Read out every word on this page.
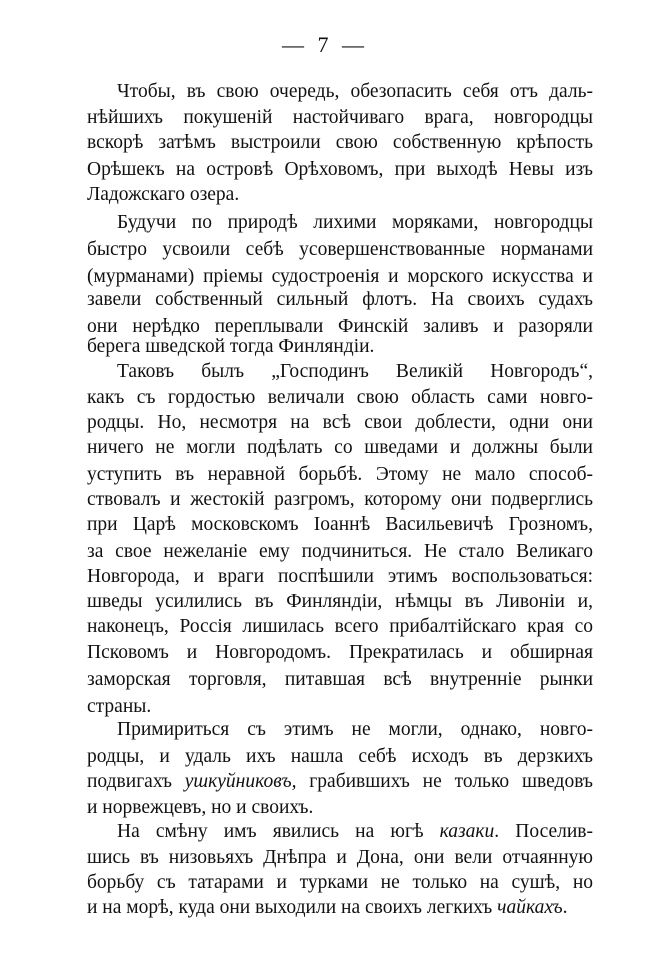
— 7 —
Чтобы, въ свою очередь, обезопасить себя отъ даль-
нѣйшихъ покушеній настойчиваго врага, новгородцы
вскорѣ затѣмъ выстроили свою собственную крѣпость
Орѣшекъ на островѣ Орѣховомъ, при выходѣ Невы изъ
Ладожскаго озера.
Будучи по природѣ лихими моряками, новгородцы
быстро усвоили себѣ усовершенствованные норманами
(мурманами) пріемы судостроенія и морского искусства и
завели собственный сильный флотъ. На своихъ судахъ
они нерѣдко переплывали Финскій заливъ и разоряли
берега шведской тогда Финляндіи.
Таковъ былъ „Господинъ Великій Новгородъ“,
какъ съ гордостью величали свою область сами новго-
родцы. Но, несмотря на всѣ свои доблести, одни они
ничего не могли подѣлать со шведами и должны были
уступить въ неравной борьбѣ. Этому не мало способ-
ствовалъ и жестокій разгромъ, которому они подверглись
при Царѣ московскомъ Іоаннѣ Васильевичѣ Грозномъ,
за свое нежеланіе ему подчиниться. Не стало Великаго
Новгорода, и враги поспѣшили этимъ воспользоваться:
шведы усилились въ Финляндіи, нѣмцы въ Ливоніи и,
наконецъ, Россія лишилась всего прибалтійскаго края со
Псковомъ и Новгородомъ. Прекратилась и обширная
заморская торговля, питавшая всѣ внутренніе рынки
страны.
Примириться съ этимъ не могли, однако, новго-
родцы, и удаль ихъ нашла себѣ исходъ въ дерзкихъ
подвигахъ ушкуйниковъ, грабившихъ не только шведовъ
и норвежцевъ, но и своихъ.
На смѣну имъ явились на югѣ казаки. Поселив-
шись въ низовьяхъ Днѣпра и Дона, они вели отчаянную
борьбу съ татарами и турками не только на сушѣ, но
и на морѣ, куда они выходили на своихъ легкихъ чайкахъ.
